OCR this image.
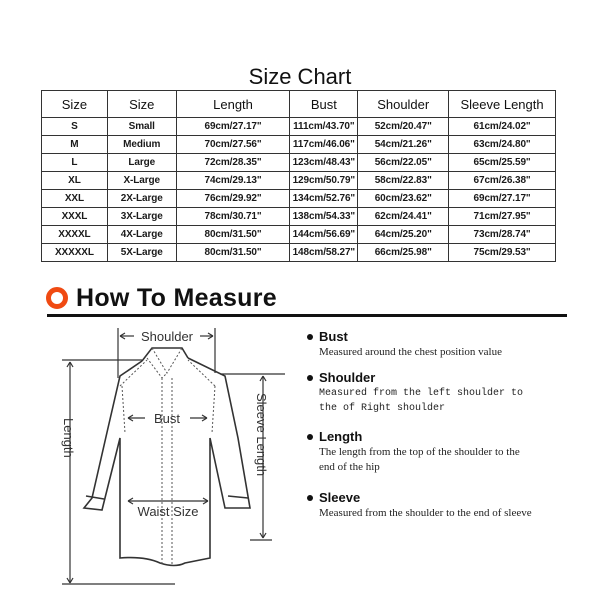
Size Chart
Size	Size	Length	Bust	Shoulder	Sleeve Length
S	Small	69cm/27.17"	111cm/43.70"	52cm/20.47"	61cm/24.02"
M	Medium	70cm/27.56"	117cm/46.06"	54cm/21.26"	63cm/24.80"
L	Large	72cm/28.35"	123cm/48.43"	56cm/22.05"	65cm/25.59"
XL	X-Large	74cm/29.13"	129cm/50.79"	58cm/22.83"	67cm/26.38"
XXL	2X-Large	76cm/29.92"	134cm/52.76"	60cm/23.62"	69cm/27.17"
XXXL	3X-Large	78cm/30.71"	138cm/54.33"	62cm/24.41"	71cm/27.95"
XXXXL	4X-Large	80cm/31.50"	144cm/56.69"	64cm/25.20"	73cm/28.74"
XXXXXL	5X-Large	80cm/31.50"	148cm/58.27"	66cm/25.98"	75cm/29.53"
How To Measure
Shoulder
Bust
Waist Size
Length	Sleeve Length
Bust
Measured around the chest position value
Shoulder
Measured from the left shoulder to the of Right shoulder
Length
The length from the top of the shoulder to the end of the hip
Sleeve
Measured from the shoulder to the end of sleeve
